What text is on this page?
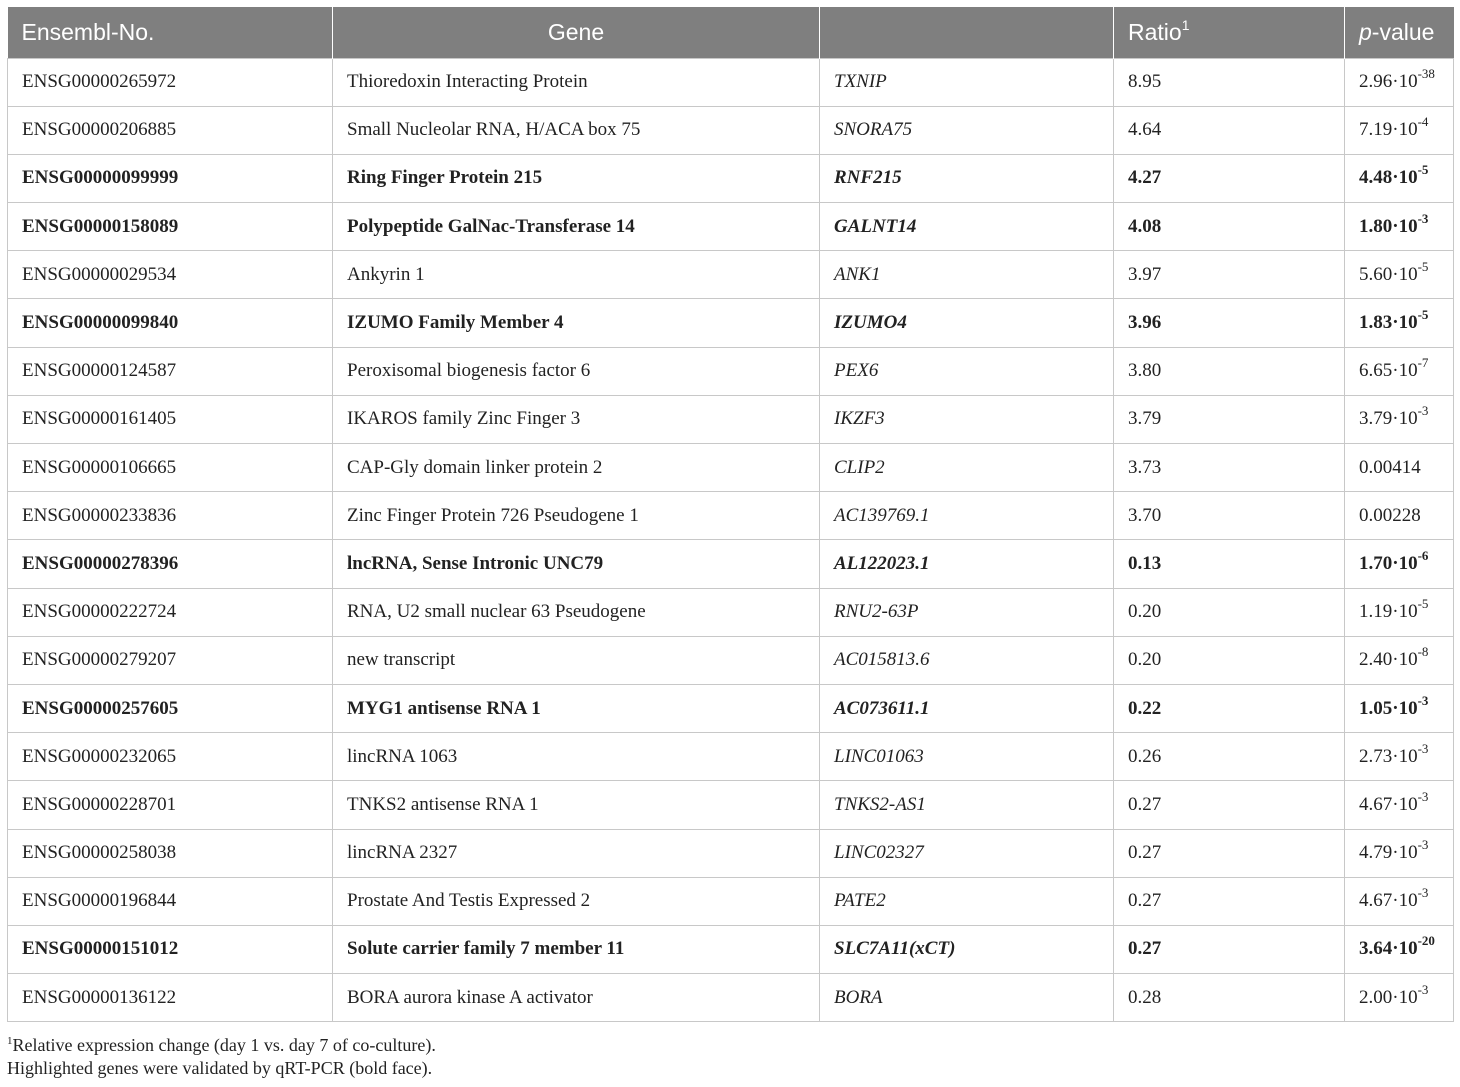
Ensembl-No.	Gene		Ratio$^1$	p-value
ENSG00000265972	Thioredoxin Interacting Protein	TXNIP	8.95	$2.96\cdot 10^{-38}$
ENSG00000206885	Small Nucleolar RNA, H/ACA box 75	SNORA75	4.64	$7.19\cdot 10^{-4}$
ENSG00000099999	Ring Finger Protein 215	RNF215	4.27	$4.48\cdot 10^{-5}$
ENSG00000158089	Polypeptide GalNac-Transferase 14	GALNT14	4.08	$1.80\cdot 10^{-3}$
ENSG00000029534	Ankyrin 1	ANK1	3.97	$5.60\cdot 10^{-5}$
ENSG00000099840	IZUMO Family Member 4	IZUMO4	3.96	$1.83\cdot 10^{-5}$
ENSG00000124587	Peroxisomal biogenesis factor 6	PEX6	3.80	$6.65\cdot 10^{-7}$
ENSG00000161405	IKAROS family Zinc Finger 3	IKZF3	3.79	$3.79\cdot 10^{-3}$
ENSG00000106665	CAP-Gly domain linker protein 2	CLIP2	3.73	0.00414
ENSG00000233836	Zinc Finger Protein 726 Pseudogene 1	AC139769.1	3.70	0.00228
ENSG00000278396	lncRNA, Sense Intronic UNC79	AL122023.1	0.13	$1.70\cdot 10^{-6}$
ENSG00000222724	RNA, U2 small nuclear 63 Pseudogene	RNU2-63P	0.20	$1.19\cdot 10^{-5}$
ENSG00000279207	new transcript	AC015813.6	0.20	$2.40\cdot 10^{-8}$
ENSG00000257605	MYG1 antisense RNA 1	AC073611.1	0.22	$1.05\cdot 10^{-3}$
ENSG00000232065	lincRNA 1063	LINC01063	0.26	$2.73\cdot 10^{-3}$
ENSG00000228701	TNKS2 antisense RNA 1	TNKS2-AS1	0.27	$4.67\cdot 10^{-3}$
ENSG00000258038	lincRNA 2327	LINC02327	0.27	$4.79\cdot 10^{-3}$
ENSG00000196844	Prostate And Testis Expressed 2	PATE2	0.27	$4.67\cdot 10^{-3}$
ENSG00000151012	Solute carrier family 7 member 11	SLC7A11(xCT)	0.27	$3.64\cdot 10^{-20}$
ENSG00000136122	BORA aurora kinase A activator	BORA	0.28	$2.00\cdot 10^{-3}$
$^1$Relative expression change (day 1 vs. day 7 of co-culture).
Highlighted genes were validated by qRT-PCR (bold face).
